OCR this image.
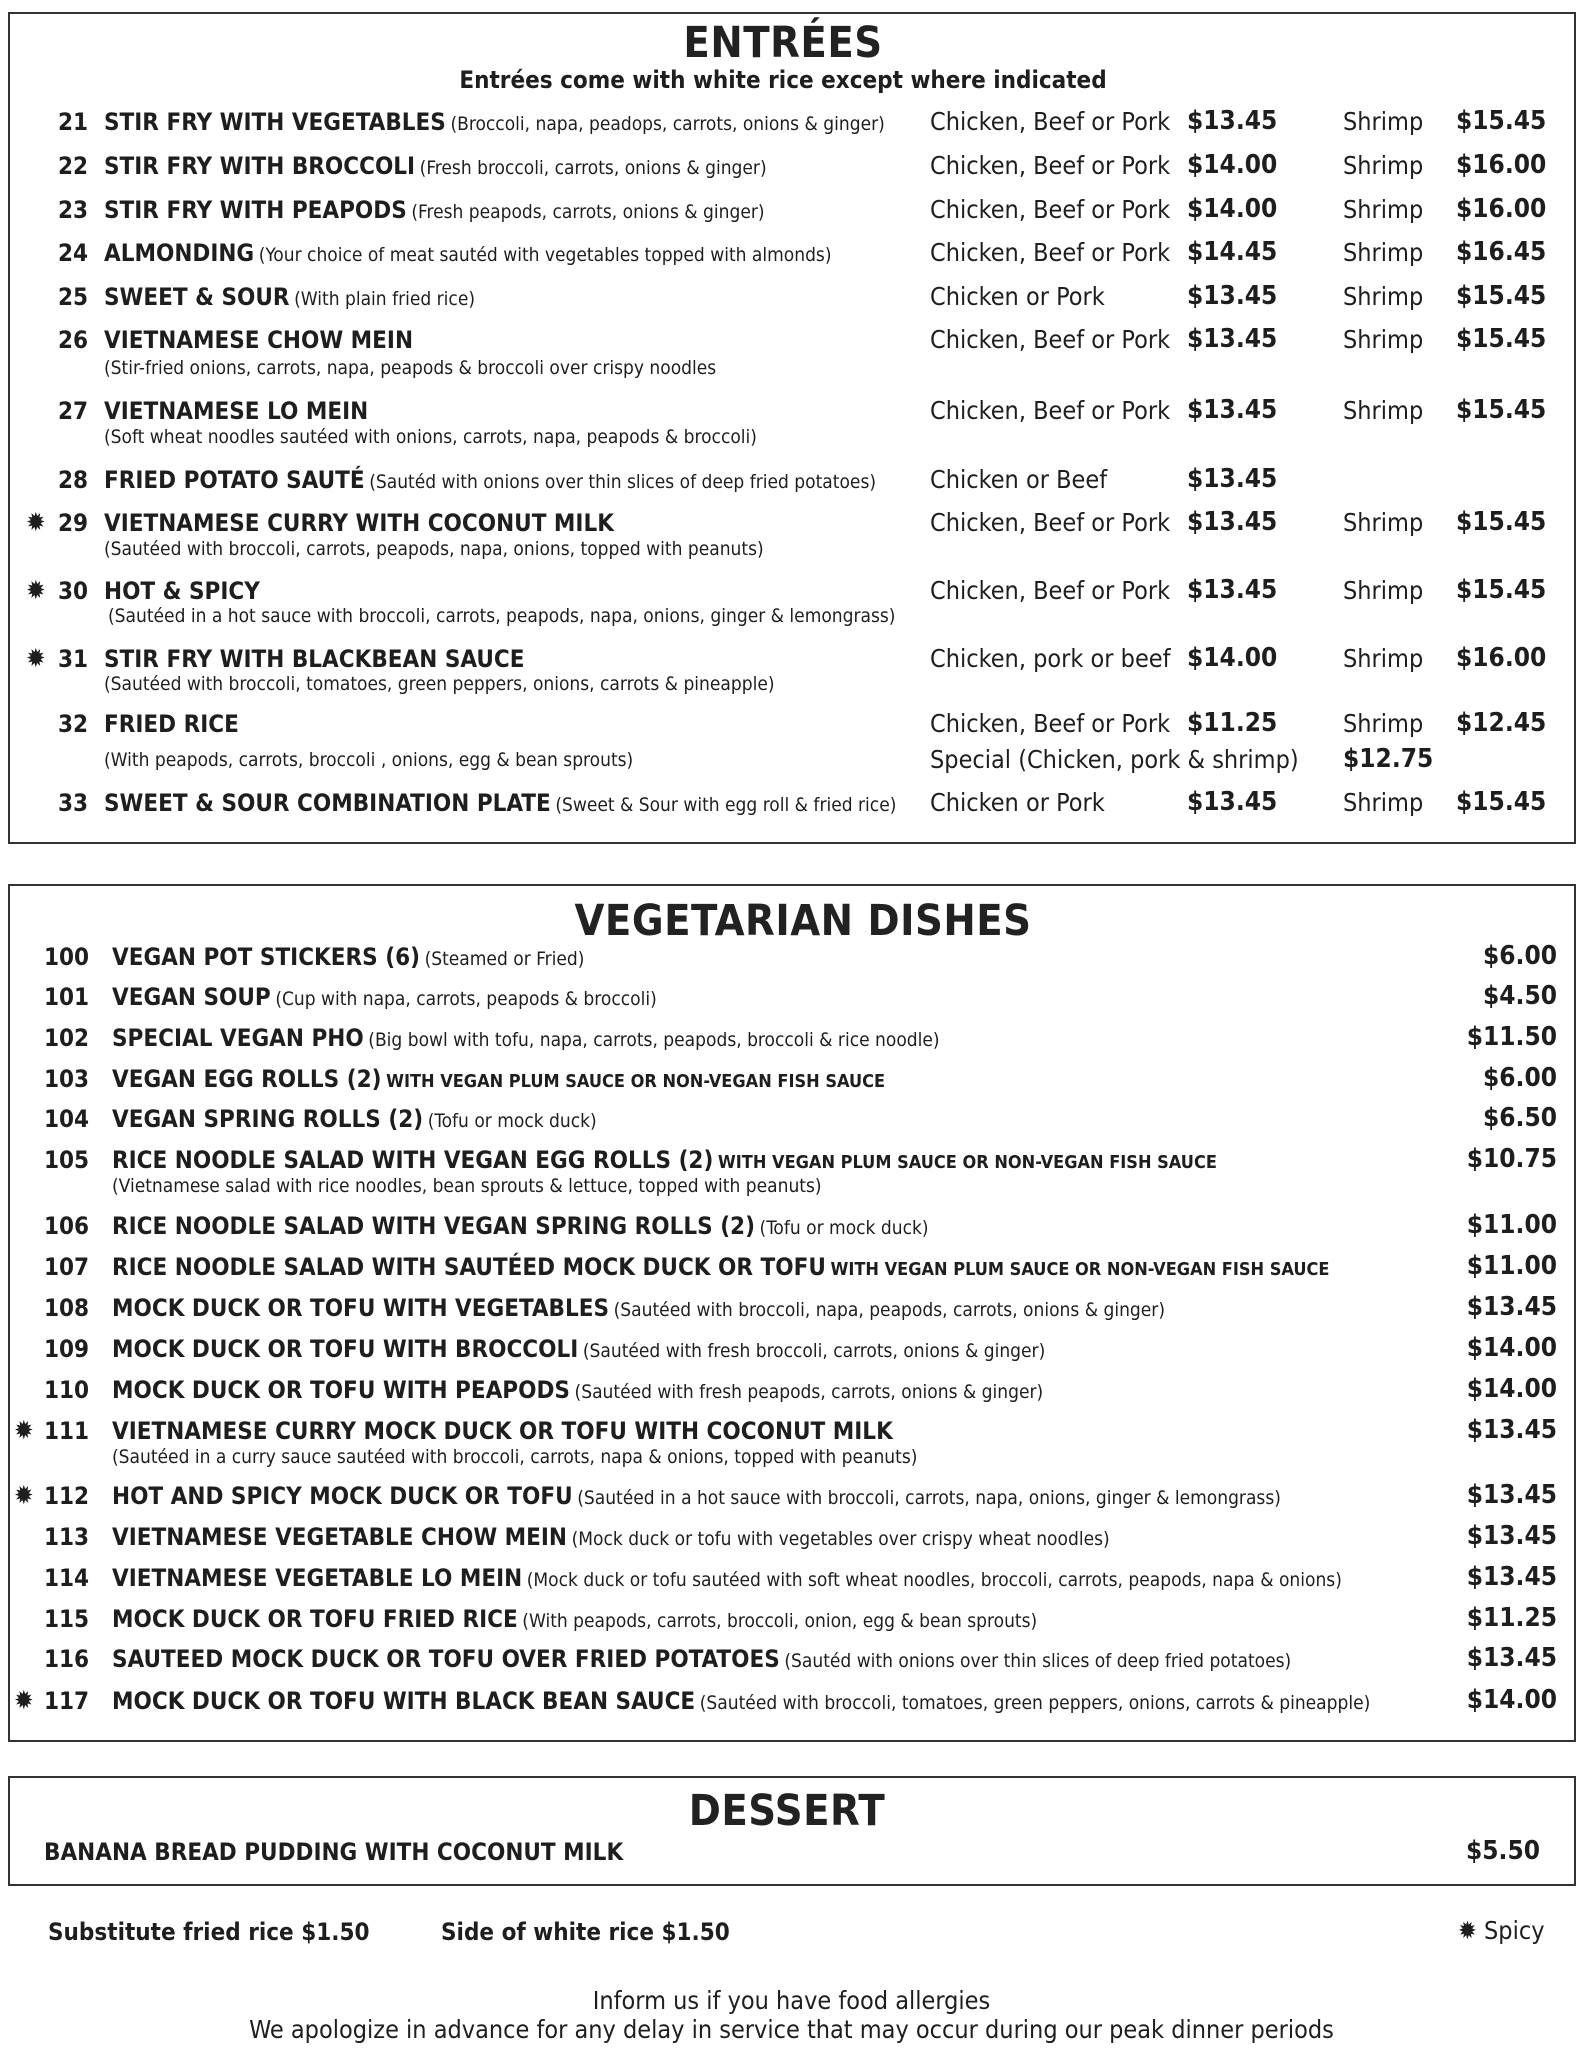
ENTRÉES
Entrées come with white rice except where indicated
21 STIR FRY WITH VEGETABLES (Broccoli, napa, peadops, carrots, onions & ginger) Chicken, Beef or Pork $13.45	Shrimp $15.45
22 STIR FRY WITH BROCCOLI (Fresh broccoli, carrots, onions & ginger)	Chicken, Beef or Pork $14.00	Shrimp $16.00
23 STIR FRY WITH PEAPODS (Fresh peapods, carrots, onions & ginger)	Chicken, Beef or Pork $14.00	Shrimp $16.00
24 ALMONDING (Your choice of meat sautéd with vegetables topped with almonds)	Chicken, Beef or Pork $14.45	Shrimp $16.45
25 SWEET & SOUR (With plain fried rice)	Chicken or Pork	$13.45	Shrimp $15.45
26 VIETNAMESE CHOW MEIN
(Stir-fried onions, carrots, napa, peapods & broccoli over crispy noodles
Chicken, Beef or Pork $13.45	Shrimp $15.45
27 VIETNAMESE LO MEIN
(Soft wheat noodles sautéed with onions, carrots, napa, peapods & broccoli)
Chicken, Beef or Pork $13.45	Shrimp $15.45
28 FRIED POTATO SAUTÉ (Sautéd with onions over thin slices of deep fried potatoes) Chicken or Beef	$13.45
✹ 29 VIETNAMESE CURRY WITH COCONUT MILK
(Sautéed with broccoli, carrots, peapods, napa, onions, topped with peanuts)
Chicken, Beef or Pork $13.45	Shrimp $15.45
✹ 30 HOT & SPICY
(Sautéed in a hot sauce with broccoli, carrots, peapods, napa, onions, ginger & lemongrass)
Chicken, Beef or Pork $13.45	Shrimp $15.45
✹ 31 STIR FRY WITH BLACKBEAN SAUCE
(Sautéed with broccoli, tomatoes, green peppers, onions, carrots & pineapple)
Chicken, pork or beef $14.00	Shrimp $16.00
32 FRIED RICE
(With peapods, carrots, broccoli , onions, egg & bean sprouts)
Chicken, Beef or Pork $11.25	Shrimp $12.45
Special (Chicken, pork & shrimp) $12.75
33 SWEET & SOUR COMBINATION PLATE (Sweet & Sour with egg roll & fried rice) Chicken or Pork	$13.45	Shrimp $15.45
VEGETARIAN DISHES
100 VEGAN POT STICKERS (6) (Steamed or Fried)	$6.00
101 VEGAN SOUP (Cup with napa, carrots, peapods & broccoli)	$4.50
102 SPECIAL VEGAN PHO (Big bowl with tofu, napa, carrots, peapods, broccoli & rice noodle)	$11.50
103 VEGAN EGG ROLLS (2) WITH VEGAN PLUM SAUCE OR NON-VEGAN FISH SAUCE	$6.00
104 VEGAN SPRING ROLLS (2) (Tofu or mock duck)	$6.50
105 RICE NOODLE SALAD WITH VEGAN EGG ROLLS (2) WITH VEGAN PLUM SAUCE OR NON-VEGAN FISH SAUCE
(Vietnamese salad with rice noodles, bean sprouts & lettuce, topped with peanuts)
$10.75
106 RICE NOODLE SALAD WITH VEGAN SPRING ROLLS (2) (Tofu or mock duck)	$11.00
107 RICE NOODLE SALAD WITH SAUTÉED MOCK DUCK OR TOFU WITH VEGAN PLUM SAUCE OR NON-VEGAN FISH SAUCE	$11.00
108 MOCK DUCK OR TOFU WITH VEGETABLES (Sautéed with broccoli, napa, peapods, carrots, onions & ginger)	$13.45
109 MOCK DUCK OR TOFU WITH BROCCOLI (Sautéed with fresh broccoli, carrots, onions & ginger)	$14.00
110 MOCK DUCK OR TOFU WITH PEAPODS (Sautéed with fresh peapods, carrots, onions & ginger)	$14.00
✹ 111 VIETNAMESE CURRY MOCK DUCK OR TOFU WITH COCONUT MILK
(Sautéed in a curry sauce sautéed with broccoli, carrots, napa & onions, topped with peanuts)
$13.45
✹ 112 HOT AND SPICY MOCK DUCK OR TOFU (Sautéed in a hot sauce with broccoli, carrots, napa, onions, ginger & lemongrass)	$13.45
113 VIETNAMESE VEGETABLE CHOW MEIN (Mock duck or tofu with vegetables over crispy wheat noodles)	$13.45
114 VIETNAMESE VEGETABLE LO MEIN (Mock duck or tofu sautéed with soft wheat noodles, broccoli, carrots, peapods, napa & onions)	$13.45
115 MOCK DUCK OR TOFU FRIED RICE (With peapods, carrots, broccoli, onion, egg & bean sprouts)	$11.25
116 SAUTEED MOCK DUCK OR TOFU OVER FRIED POTATOES (Sautéd with onions over thin slices of deep fried potatoes)	$13.45
✹ 117 MOCK DUCK OR TOFU WITH BLACK BEAN SAUCE (Sautéed with broccoli, tomatoes, green peppers, onions, carrots & pineapple)	$14.00
DESSERT
BANANA BREAD PUDDING WITH COCONUT MILK	$5.50
Substitute fried rice $1.50	Side of white rice $1.50	✹ Spicy
Inform us if you have food allergies
We apologize in advance for any delay in service that may occur during our peak dinner periods
